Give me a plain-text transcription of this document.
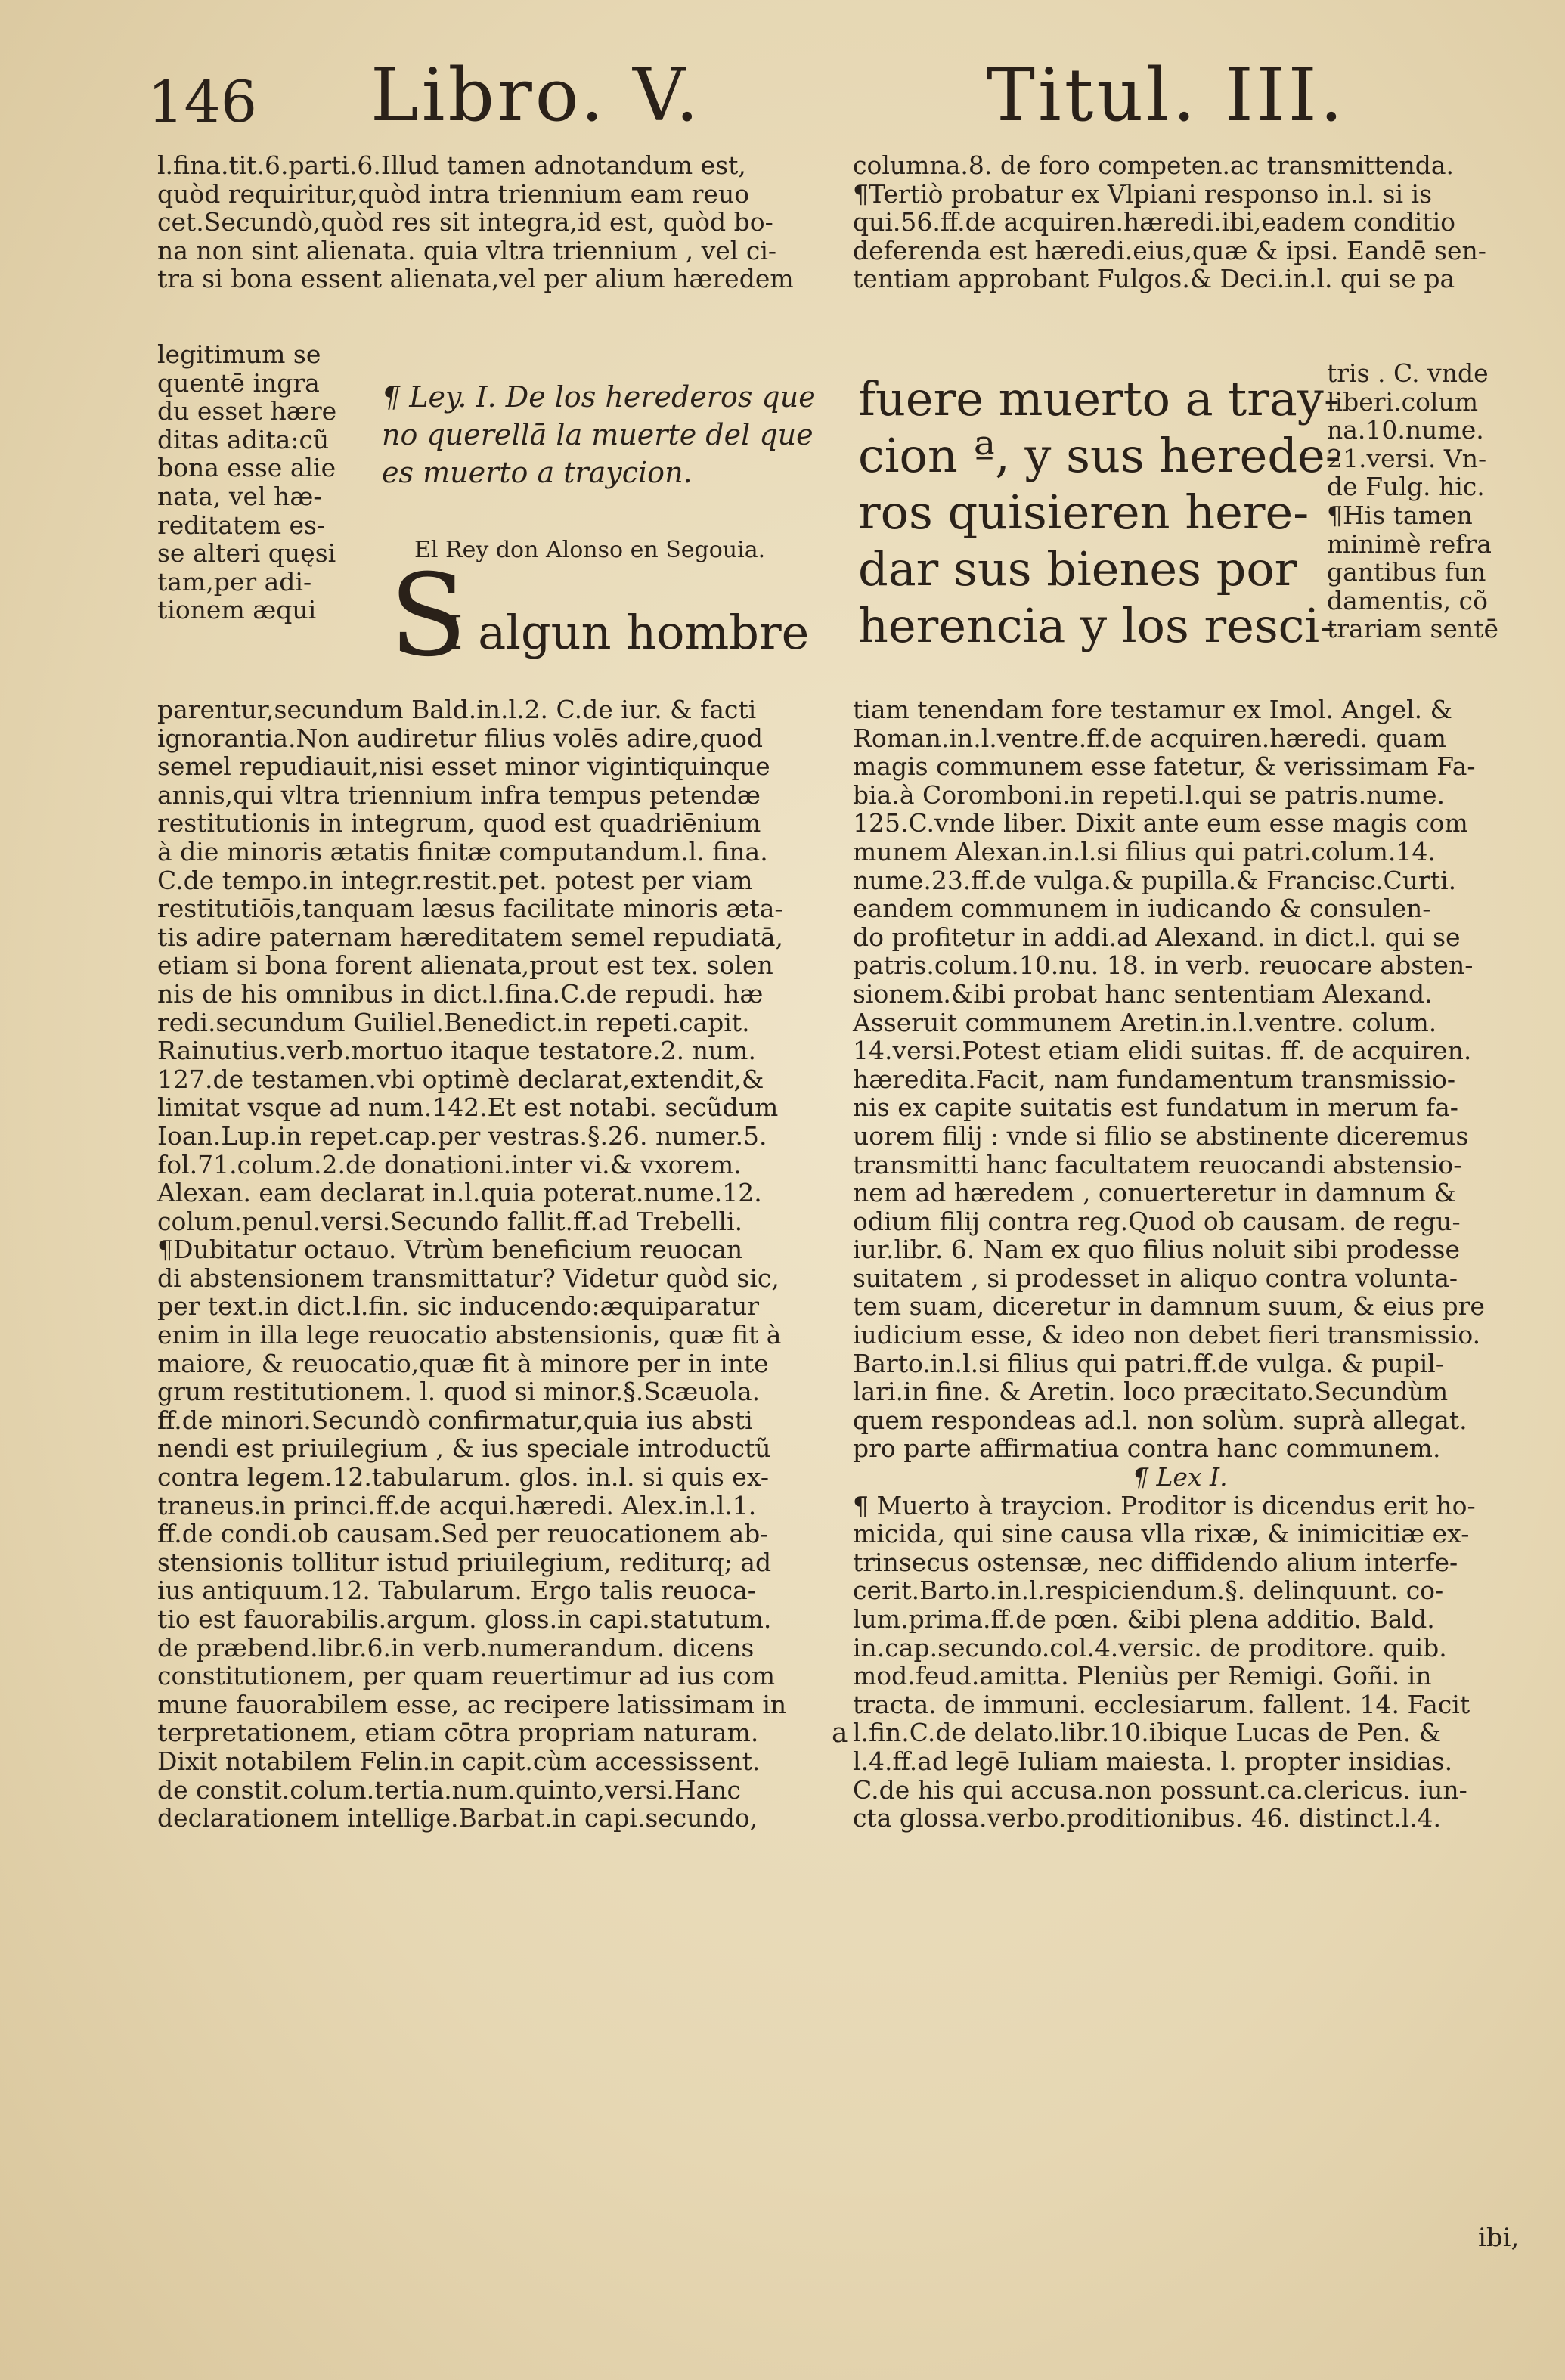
146 Libro. V.	Titul. III.

l.fina.tit.6.parti.6.Illud tamen adnotandum est,

quòd requiritur,quòd intra triennium eam reuo

cet.Secundò,quòd res sit integra,id est, quòd bo-

na non sint alienata. quia vltra triennium , vel ci-

tra si bona essent alienata,vel per alium hæredem

legitimum se

quentē ingra

du esset hære

ditas adita:cũ

bona esse alie

nata, vel hæ-

reditatem es-

se alteri quęsi

tam,per adi-

tionem æqui

¶ Ley. I. De los herederos que

no querellā la muerte del que

es muerto a traycion.

El Rey don Alonso en Segouia.
S
I algun hombre

parentur,secundum Bald.in.l.2. C.de iur. & facti

ignorantia.Non audiretur filius volēs adire,quod

semel repudiauit,nisi esset minor vigintiquinque

annis,qui vltra triennium infra tempus petendæ

restitutionis in integrum, quod est quadriēnium

à die minoris ætatis finitæ computandum.l. fina.

C.de tempo.in integr.restit.pet. potest per viam

restitutiōis,tanquam læsus facilitate minoris æta-

tis adire paternam hæreditatem semel repudiatā,

etiam si bona forent alienata,prout est tex. solen

nis de his omnibus in dict.l.fina.C.de repudi. hæ

redi.secundum Guiliel.Benedict.in repeti.capit.

Rainutius.verb.mortuo itaque testatore.2. num.

127.de testamen.vbi optimè declarat,extendit,&

limitat vsque ad num.142.Et est notabi. secũdum

Ioan.Lup.in repet.cap.per vestras.§.26. numer.5.

fol.71.colum.2.de donationi.inter vi.& vxorem.

Alexan. eam declarat in.l.quia poterat.nume.12.

colum.penul.versi.Secundo fallit.ff.ad Trebelli.

¶Dubitatur octauo. Vtrùm beneficium reuocan

di abstensionem transmittatur? Videtur quòd sic,

per text.in dict.l.fin. sic inducendo:æquiparatur

enim in illa lege reuocatio abstensionis, quæ fit à

maiore, & reuocatio,quæ fit à minore per in inte

grum restitutionem. l. quod si minor.§.Scæuola.

ff.de minori.Secundò confirmatur,quia ius absti

nendi est priuilegium , & ius speciale introductũ

contra legem.12.tabularum. glos. in.l. si quis ex-

traneus.in princi.ff.de acqui.hæredi. Alex.in.l.1.

ff.de condi.ob causam.Sed per reuocationem ab-

stensionis tollitur istud priuilegium, rediturq; ad

ius antiquum.12. Tabularum. Ergo talis reuoca-

tio est fauorabilis.argum. gloss.in capi.statutum.

de præbend.libr.6.in verb.numerandum. dicens

constitutionem, per quam reuertimur ad ius com

mune fauorabilem esse, ac recipere latissimam in

terpretationem, etiam cōtra propriam naturam.

Dixit notabilem Felin.in capit.cùm accessissent.

de constit.colum.tertia.num.quinto,versi.Hanc

declarationem intellige.Barbat.in capi.secundo,

columna.8. de foro competen.ac transmittenda.

¶Tertiò probatur ex Vlpiani responso in.l. si is

qui.56.ff.de acquiren.hæredi.ibi,eadem conditio

deferenda est hæredi.eius,quæ & ipsi. Eandē sen-

tentiam approbant Fulgos.& Deci.in.l. qui se pa

fuere muerto a tray-

cion ª, y sus herede-

ros quisieren here-

dar sus bienes por

herencia y los resci-

tris . C. vnde

liberi.colum

na.10.nume.

21.versi. Vn-

de Fulg. hic.

¶His tamen

minimè refra

gantibus fun

damentis, cõ

trariam sentē

tiam tenendam fore testamur ex Imol. Angel. &

Roman.in.l.ventre.ff.de acquiren.hæredi. quam

magis communem esse fatetur, & verissimam Fa-

bia.à Coromboni.in repeti.l.qui se patris.nume.

125.C.vnde liber. Dixit ante eum esse magis com

munem Alexan.in.l.si filius qui patri.colum.14.

nume.23.ff.de vulga.& pupilla.& Francisc.Curti.

eandem communem in iudicando & consulen-

do profitetur in addi.ad Alexand. in dict.l. qui se

patris.colum.10.nu. 18. in verb. reuocare absten-

sionem.&ibi probat hanc sententiam Alexand.

Asseruit communem Aretin.in.l.ventre. colum.

14.versi.Potest etiam elidi suitas. ff. de acquiren.

hæredita.Facit, nam fundamentum transmissio-

nis ex capite suitatis est fundatum in merum fa-

uorem filij : vnde si filio se abstinente diceremus

transmitti hanc facultatem reuocandi abstensio-

nem ad hæredem , conuerteretur in damnum &

odium filij contra reg.Quod ob causam. de regu-

iur.libr. 6. Nam ex quo filius noluit sibi prodesse

suitatem , si prodesset in aliquo contra volunta-

tem suam, diceretur in damnum suum, & eius pre

iudicium esse, & ideo non debet fieri transmissio.

Barto.in.l.si filius qui patri.ff.de vulga. & pupil-

lari.in fine. & Aretin. loco præcitato.Secundùm

quem respondeas ad.l. non solùm. suprà allegat.

pro parte affirmatiua contra hanc communem.

¶ Lex I.

¶ Muerto à traycion. Proditor is dicendus erit ho-

micida, qui sine causa vlla rixæ, & inimicitiæ ex-

trinsecus ostensæ, nec diffidendo alium interfe-

cerit.Barto.in.l.respiciendum.§. delinquunt. co-

lum.prima.ff.de pœn. &ibi plena additio. Bald.

in.cap.secundo.col.4.versic. de proditore. quib.

mod.feud.amitta. Pleniùs per Remigi. Goñi. in

tracta. de immuni. ecclesiarum. fallent. 14. Facit

l.fin.C.de delato.libr.10.ibique Lucas de Pen. &

l.4.ff.ad legē Iuliam maiesta. l. propter insidias.

C.de his qui accusa.non possunt.ca.clericus. iun-

cta glossa.verbo.proditionibus. 46. distinct.l.4.

a
ibi,
